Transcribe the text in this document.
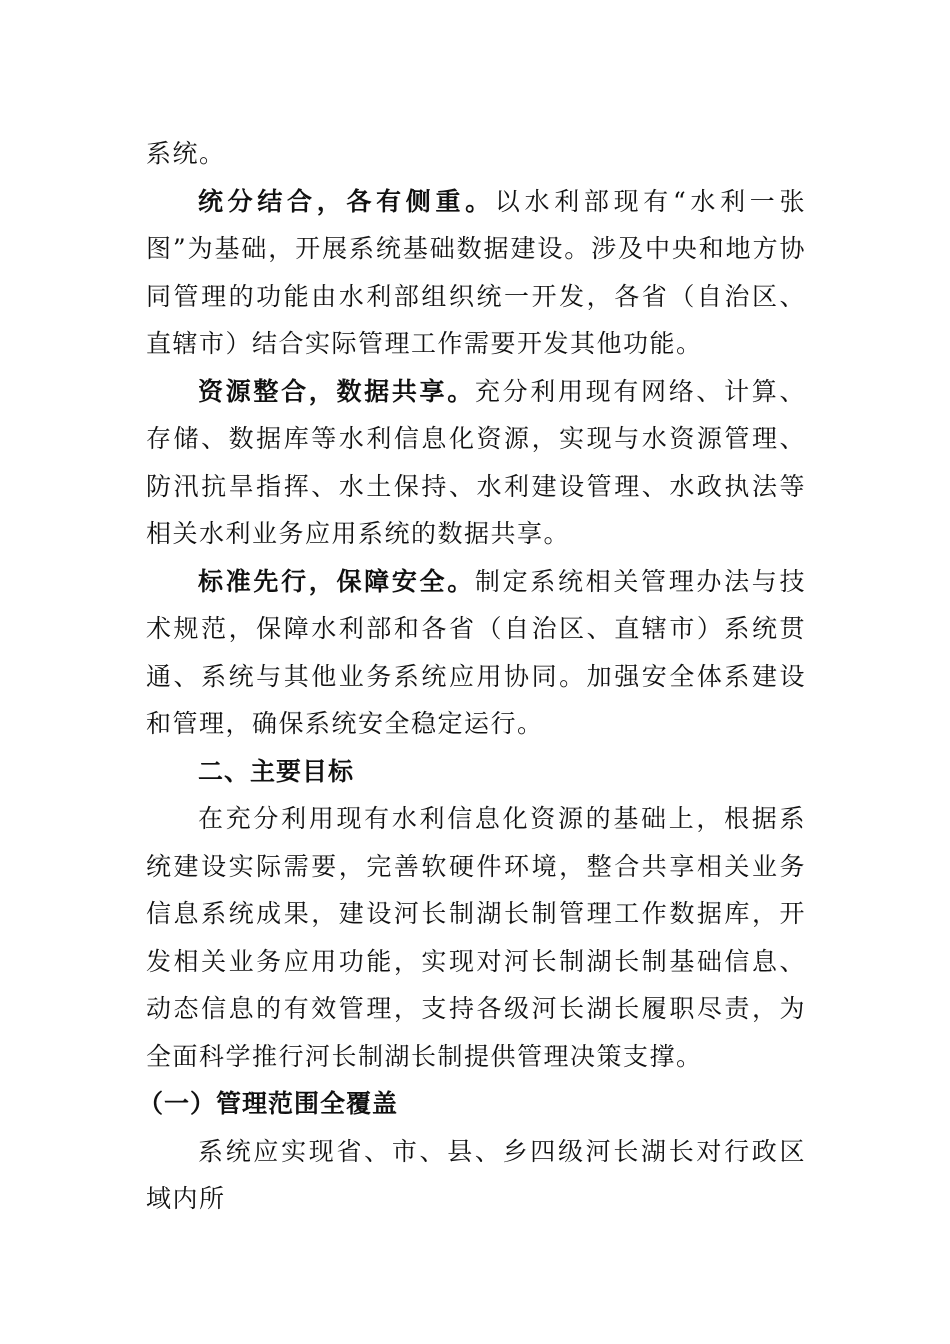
系统。

统分结合，各有侧重。以水利部现有“水利一张图”为基础，开展系统基础数据建设。涉及中央和地方协同管理的功能由水利部组织统一开发，各省（自治区、直辖市）结合实际管理工作需要开发其他功能。

资源整合，数据共享。充分利用现有网络、计算、存储、数据库等水利信息化资源，实现与水资源管理、防汛抗旱指挥、水土保持、水利建设管理、水政执法等相关水利业务应用系统的数据共享。

标准先行，保障安全。制定系统相关管理办法与技术规范，保障水利部和各省（自治区、直辖市）系统贯通、系统与其他业务系统应用协同。加强安全体系建设和管理，确保系统安全稳定运行。

二、主要目标

在充分利用现有水利信息化资源的基础上，根据系统建设实际需要，完善软硬件环境，整合共享相关业务信息系统成果，建设河长制湖长制管理工作数据库，开发相关业务应用功能，实现对河长制湖长制基础信息、动态信息的有效管理，支持各级河长湖长履职尽责，为全面科学推行河长制湖长制提供管理决策支撑。

（一）管理范围全覆盖

系统应实现省、市、县、乡四级河长湖长对行政区域内所
